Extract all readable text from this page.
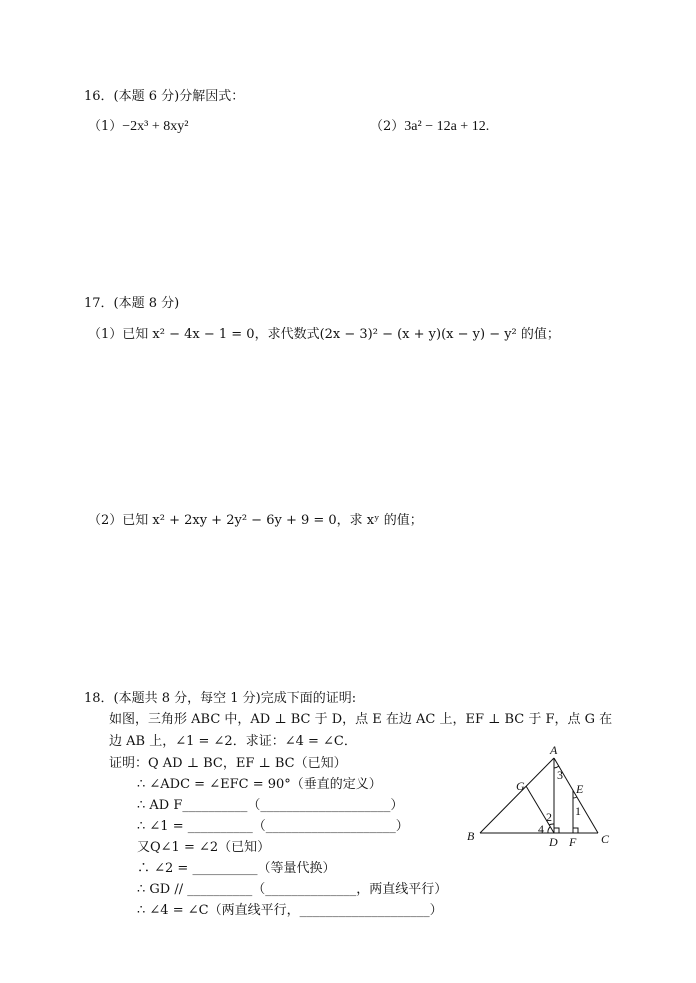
16．(本题 6 分)分解因式：
（1）−2x³ + 8xy²	（2）3a² − 12a + 12.
17．(本题 8 分)
（1）已知 x² − 4x − 1 = 0，求代数式(2x − 3)² − (x + y)(x − y) − y² 的值；
（2）已知 x² + 2xy + 2y² − 6y + 9 = 0，求 xʸ 的值；
18．(本题共 8 分，每空 1 分)完成下面的证明:
如图，三角形 ABC 中，AD ⊥ BC 于 D，点 E 在边 AC 上，EF ⊥ BC 于 F，点 G 在
边 AB 上，∠1 = ∠2．求证：∠4 = ∠C．
证明：Q AD ⊥ BC，EF ⊥ BC（已知）
∴ ∠ADC = ∠EFC = 90°（垂直的定义）
∴ AD F__________（____________________）
∴ ∠1 = __________（____________________）
又Q∠1 = ∠2（已知）
∴ ∠2 = __________（等量代换）
∴ GD // __________（______________，两直线平行）
∴ ∠4 = ∠C（两直线平行，____________________）
A
B	C
D
E
F
G
1
2
3
4
